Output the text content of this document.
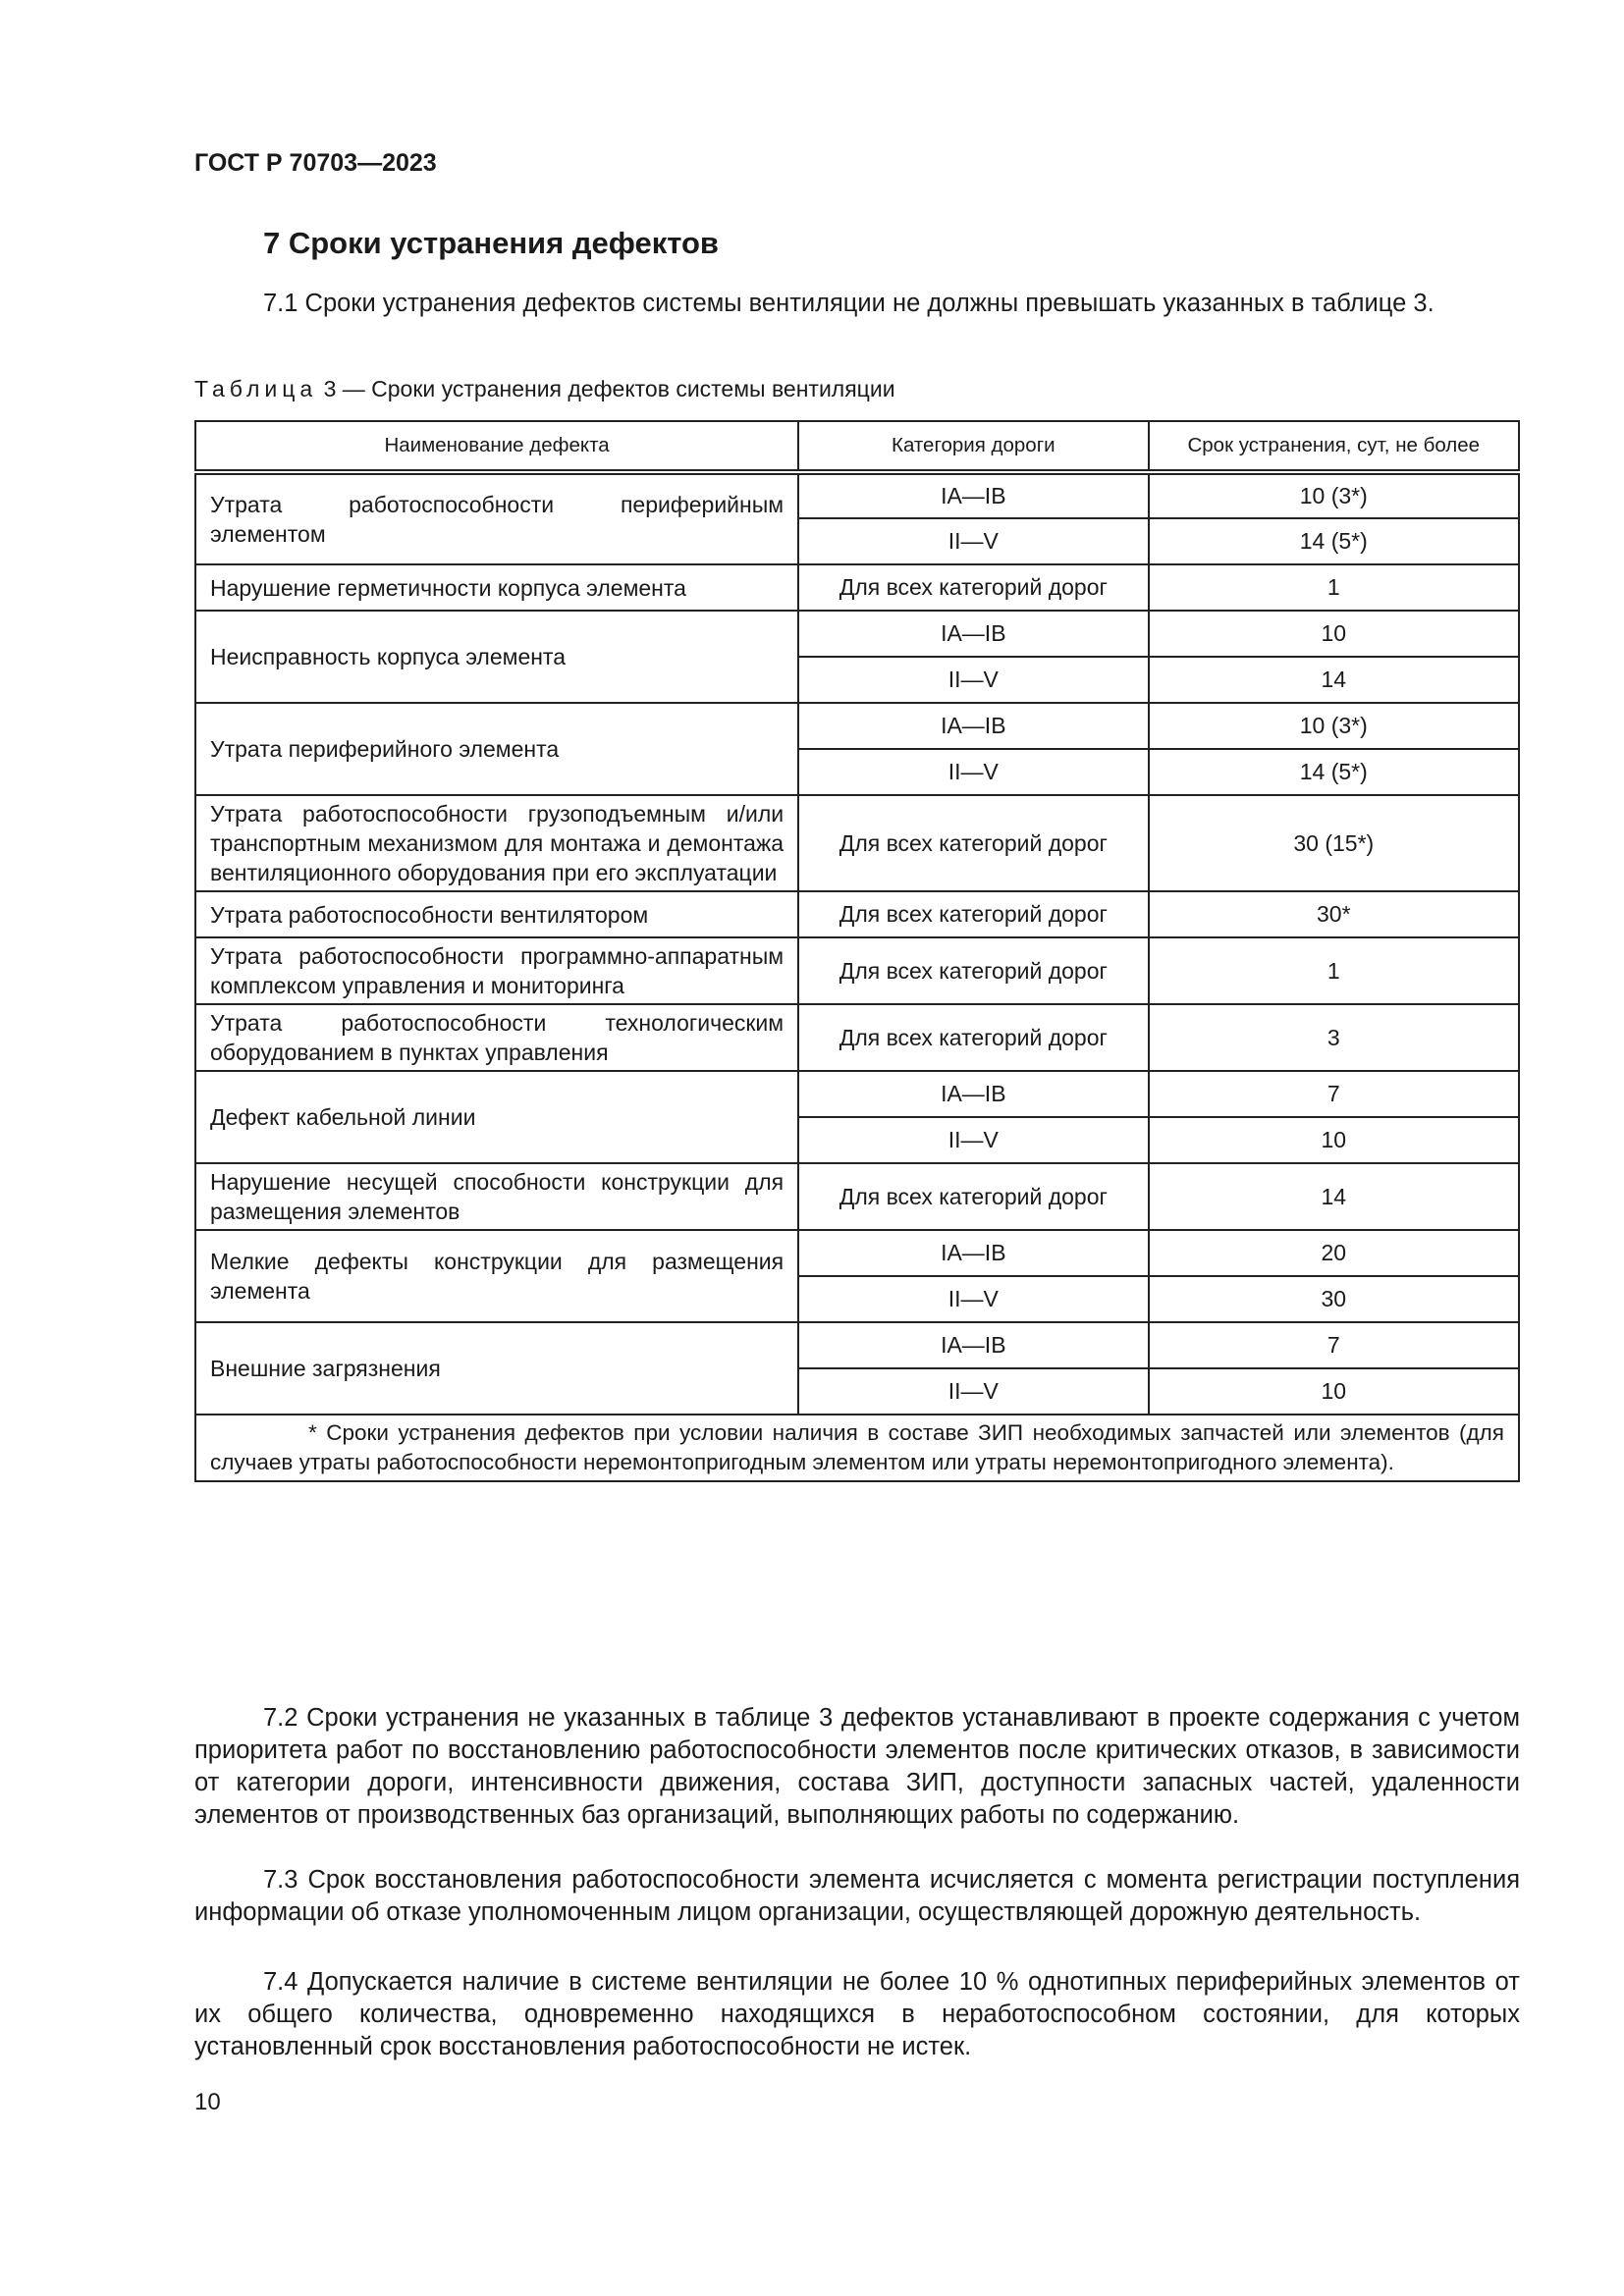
ГОСТ Р 70703—2023
7 Сроки устранения дефектов

7.1 Сроки устранения дефектов системы вентиляции не должны превышать указанных в таблице 3.

Таблица 3 — Сроки устранения дефектов системы вентиляции
Наименование дефекта	Категория дороги	Срок устранения, сут, не более
Утрата работоспособности периферийным элементом	IA—IB	10 (3*)
	II—V	14 (5*)
Нарушение герметичности корпуса элемента	Для всех категорий дорог	1
Неисправность корпуса элемента	IA—IB	10
	II—V	14
Утрата периферийного элемента	IA—IB	10 (3*)
	II—V	14 (5*)
Утрата работоспособности грузоподъемным и/или транспортным механизмом для монтажа и демонтажа вентиляционного оборудования при его эксплуатации	Для всех категорий дорог	30 (15*)
Утрата работоспособности вентилятором	Для всех категорий дорог	30*
Утрата работоспособности программно-аппаратным комплексом управления и мониторинга	Для всех категорий дорог	1
Утрата работоспособности технологическим оборудованием в пунктах управления	Для всех категорий дорог	3
Дефект кабельной линии	IA—IB	7
	II—V	10
Нарушение несущей способности конструкции для размещения элементов	Для всех категорий дорог	14
Мелкие дефекты конструкции для размещения элемента	IA—IB	20
	II—V	30
Внешние загрязнения	IA—IB	7
	II—V	10
* Сроки устранения дефектов при условии наличия в составе ЗИП необходимых запчастей или элементов (для случаев утраты работоспособности неремонтопригодным элементом или утраты неремонтопригодного элемента).		

7.2 Сроки устранения не указанных в таблице 3 дефектов устанавливают в проекте содержания с учетом приоритета работ по восстановлению работоспособности элементов после критических отказов, в зависимости от категории дороги, интенсивности движения, состава ЗИП, доступности запасных частей, удаленности элементов от производственных баз организаций, выполняющих работы по содержанию.

7.3 Срок восстановления работоспособности элемента исчисляется с момента регистрации поступления информации об отказе уполномоченным лицом организации, осуществляющей дорожную деятельность.

7.4 Допускается наличие в системе вентиляции не более 10 % однотипных периферийных элементов от их общего количества, одновременно находящихся в неработоспособном состоянии, для которых установленный срок восстановления работоспособности не истек.

10
